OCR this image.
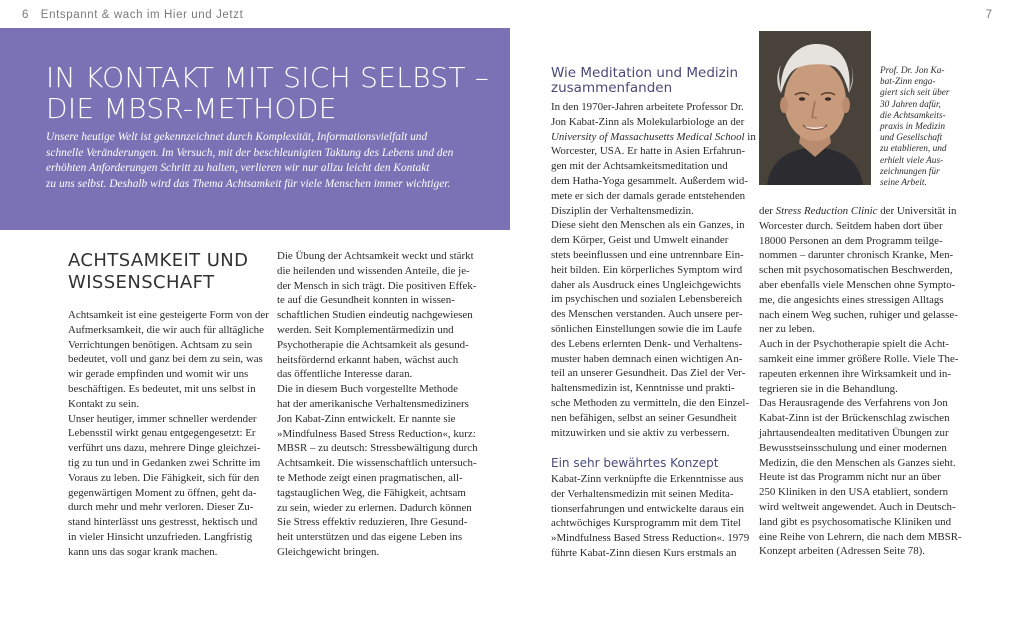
6 Entspannt & wach im Hier und Jetzt	7
IN KONTAKT MIT SICH SELBST –
DIE MBSR-METHODE
Unsere heutige Welt ist gekennzeichnet durch Komplexität, Informationsvielfalt und
schnelle Veränderungen. Im Versuch, mit der beschleunigten Taktung des Lebens und den
erhöhten Anforderungen Schritt zu halten, verlieren wir nur allzu leicht den Kontakt
zu uns selbst. Deshalb wird das Thema Achtsamkeit für viele Menschen immer wichtiger.
ACHTSAMKEIT UND
WISSENSCHAFT
Achtsamkeit ist eine gesteigerte Form von der
Aufmerksamkeit, die wir auch für alltägliche
Verrichtungen benötigen. Achtsam zu sein
bedeutet, voll und ganz bei dem zu sein, was
wir gerade empfinden und womit wir uns
beschäftigen. Es bedeutet, mit uns selbst in
Kontakt zu sein.
Unser heutiger, immer schneller werdender
Lebensstil wirkt genau entgegengesetzt: Er
verführt uns dazu, mehrere Dinge gleichzei-
tig zu tun und in Gedanken zwei Schritte im
Voraus zu leben. Die Fähigkeit, sich für den
gegenwärtigen Moment zu öffnen, geht da-
durch mehr und mehr verloren. Dieser Zu-
stand hinterlässt uns gestresst, hektisch und
in vieler Hinsicht unzufrieden. Langfristig
kann uns das sogar krank machen.
Die Übung der Achtsamkeit weckt und stärkt
die heilenden und wissenden Anteile, die je-
der Mensch in sich trägt. Die positiven Effek-
te auf die Gesundheit konnten in wissen-
schaftlichen Studien eindeutig nachgewiesen
werden. Seit Komplementärmedizin und
Psychotherapie die Achtsamkeit als gesund-
heitsfördernd erkannt haben, wächst auch
das öffentliche Interesse daran.
Die in diesem Buch vorgestellte Methode
hat der amerikanische Verhaltensmediziners
Jon Kabat-Zinn entwickelt. Er nannte sie
»Mindfulness Based Stress Reduction«, kurz:
MBSR – zu deutsch: Stressbewältigung durch
Achtsamkeit. Die wissenschaftlich untersuch-
te Methode zeigt einen pragmatischen, all-
tagstauglichen Weg, die Fähigkeit, achtsam
zu sein, wieder zu erlernen. Dadurch können
Sie Stress effektiv reduzieren, Ihre Gesund-
heit unterstützen und das eigene Leben ins
Gleichgewicht bringen.
Wie Meditation und Medizin
zusammenfanden
In den 1970er-Jahren arbeitete Professor Dr.
Jon Kabat-Zinn als Molekularbiologe an der
University of Massachusetts Medical School in
Worcester, USA. Er hatte in Asien Erfahrun-
gen mit der Achtsamkeitsmeditation und
dem Hatha-Yoga gesammelt. Außerdem wid-
mete er sich der damals gerade entstehenden
Disziplin der Verhaltensmedizin.
Diese sieht den Menschen als ein Ganzes, in
dem Körper, Geist und Umwelt einander
stets beeinflussen und eine untrennbare Ein-
heit bilden. Ein körperliches Symptom wird
daher als Ausdruck eines Ungleichgewichts
im psychischen und sozialen Lebensbereich
des Menschen verstanden. Auch unsere per-
sönlichen Einstellungen sowie die im Laufe
des Lebens erlernten Denk- und Verhaltens-
muster haben demnach einen wichtigen An-
teil an unserer Gesundheit. Das Ziel der Ver-
haltensmedizin ist, Kenntnisse und prakti-
sche Methoden zu vermitteln, die den Einzel-
nen befähigen, selbst an seiner Gesundheit
mitzuwirken und sie aktiv zu verbessern.
Ein sehr bewährtes Konzept
Kabat-Zinn verknüpfte die Erkenntnisse aus
der Verhaltensmedizin mit seinen Medita-
tionserfahrungen und entwickelte daraus ein
achtwöchiges Kursprogramm mit dem Titel
»Mindfulness Based Stress Reduction«. 1979
führte Kabat-Zinn diesen Kurs erstmals an
Prof. Dr. Jon Ka-
bat-Zinn enga-
giert sich seit über
30 Jahren dafür,
die Achtsamkeits-
praxis in Medizin
und Gesellschaft
zu etablieren, und
erhielt viele Aus-
zeichnungen für
seine Arbeit.
der Stress Reduction Clinic der Universität in
Worcester durch. Seitdem haben dort über
18000 Personen an dem Programm teilge-
nommen – darunter chronisch Kranke, Men-
schen mit psychosomatischen Beschwerden,
aber ebenfalls viele Menschen ohne Sympto-
me, die angesichts eines stressigen Alltags
nach einem Weg suchen, ruhiger und gelasse-
ner zu leben.
Auch in der Psychotherapie spielt die Acht-
samkeit eine immer größere Rolle. Viele The-
rapeuten erkennen ihre Wirksamkeit und in-
tegrieren sie in die Behandlung.
Das Herausragende des Verfahrens von Jon
Kabat-Zinn ist der Brückenschlag zwischen
jahrtausendealten meditativen Übungen zur
Bewusstseinsschulung und einer modernen
Medizin, die den Menschen als Ganzes sieht.
Heute ist das Programm nicht nur an über
250 Kliniken in den USA etabliert, sondern
wird weltweit angewendet. Auch in Deutsch-
land gibt es psychosomatische Kliniken und
eine Reihe von Lehrern, die nach dem MBSR-
Konzept arbeiten (Adressen Seite 78).
